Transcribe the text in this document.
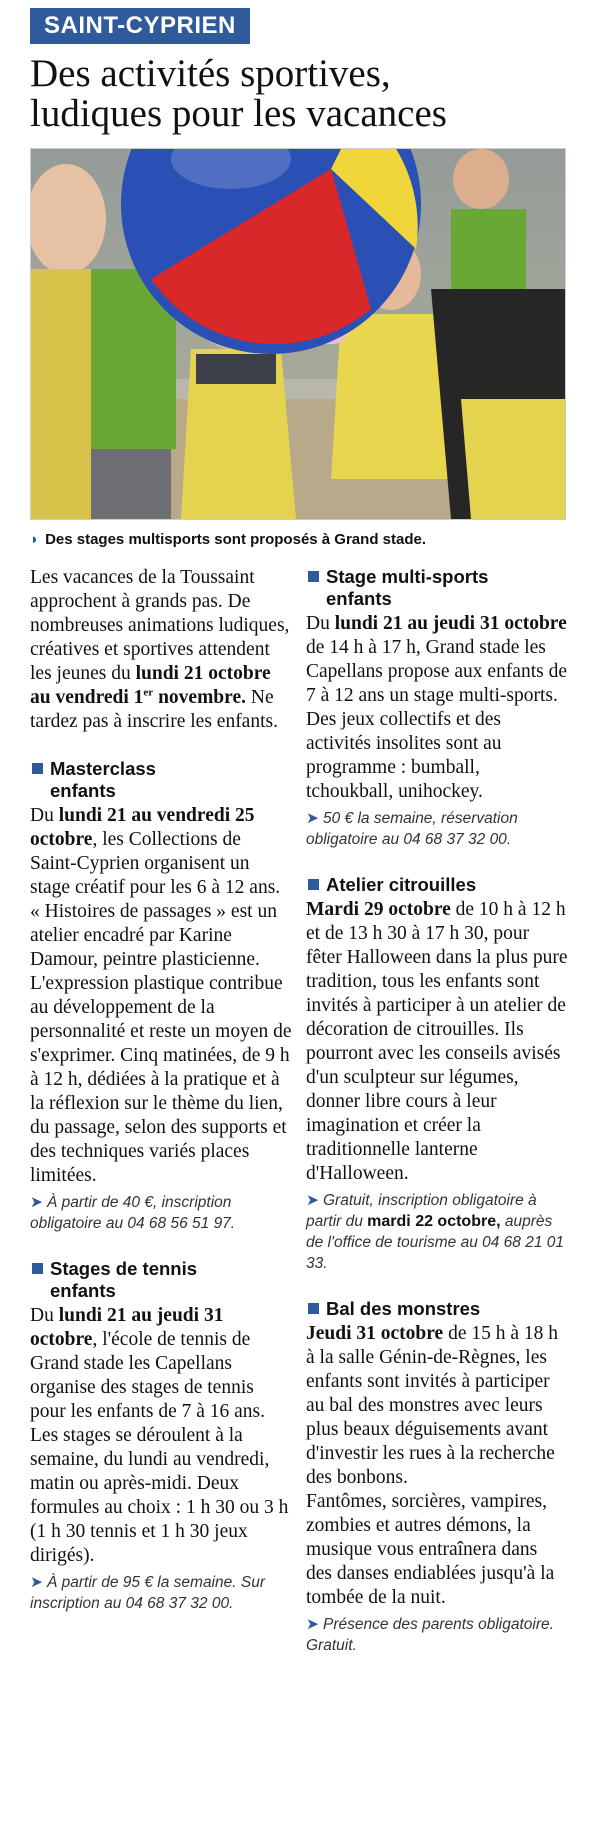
SAINT-CYPRIEN
Des activités sportives,
ludiques pour les vacances
◗ Des stages multisports sont proposés à Grand stade.

Les vacances de la Toussaint approchent à grands pas. De nombreuses animations ludiques, créatives et sportives attendent les jeunes du lundi 21 octobre au vendredi 1er novembre. Ne tardez pas à inscrire les enfants.

Masterclass
enfants

Du lundi 21 au vendredi 25 octobre, les Collections de Saint-Cyprien organisent un stage créatif pour les 6 à 12 ans. « Histoires de passages » est un atelier encadré par Karine Damour, peintre plasticienne. L'expression plastique contribue au développement de la personnalité et reste un moyen de s'exprimer. Cinq matinées, de 9 h à 12 h, dédiées à la pratique et à la réflexion sur le thème du lien, du passage, selon des supports et des techniques variés places limitées.

➤ À partir de 40 €, inscription obligatoire au 04 68 56 51 97.
Stages de tennis
enfants

Du lundi 21 au jeudi 31 octobre, l'école de tennis de Grand stade les Capellans organise des stages de tennis pour les enfants de 7 à 16 ans.

Les stages se déroulent à la semaine, du lundi au vendredi, matin ou après-midi. Deux formules au choix : 1 h 30 ou 3 h (1 h 30 tennis et 1 h 30 jeux dirigés).

➤ À partir de 95 € la semaine. Sur inscription au 04 68 37 32 00.
Stage multi-sports
enfants

Du lundi 21 au jeudi 31 octobre de 14 h à 17 h, Grand stade les Capellans propose aux enfants de 7 à 12 ans un stage multi-sports. Des jeux collectifs et des activités insolites sont au programme : bumball, tchoukball, unihockey.

➤ 50 € la semaine, réservation obligatoire au 04 68 37 32 00.
Atelier citrouilles

Mardi 29 octobre de 10 h à 12 h et de 13 h 30 à 17 h 30, pour fêter Halloween dans la plus pure tradition, tous les enfants sont invités à participer à un atelier de décoration de citrouilles. Ils pourront avec les conseils avisés d'un sculpteur sur légumes, donner libre cours à leur imagination et créer la traditionnelle lanterne d'Halloween.

➤ Gratuit, inscription obligatoire à partir du mardi 22 octobre, auprès de l'office de tourisme au 04 68 21 01 33.
Bal des monstres

Jeudi 31 octobre de 15 h à 18 h à la salle Génin-de-Règnes, les enfants sont invités à participer au bal des monstres avec leurs plus beaux déguisements avant d'investir les rues à la recherche des bonbons.

Fantômes, sorcières, vampires, zombies et autres démons, la musique vous entraînera dans des danses endiablées jusqu'à la tombée de la nuit.

➤ Présence des parents obligatoire. Gratuit.
